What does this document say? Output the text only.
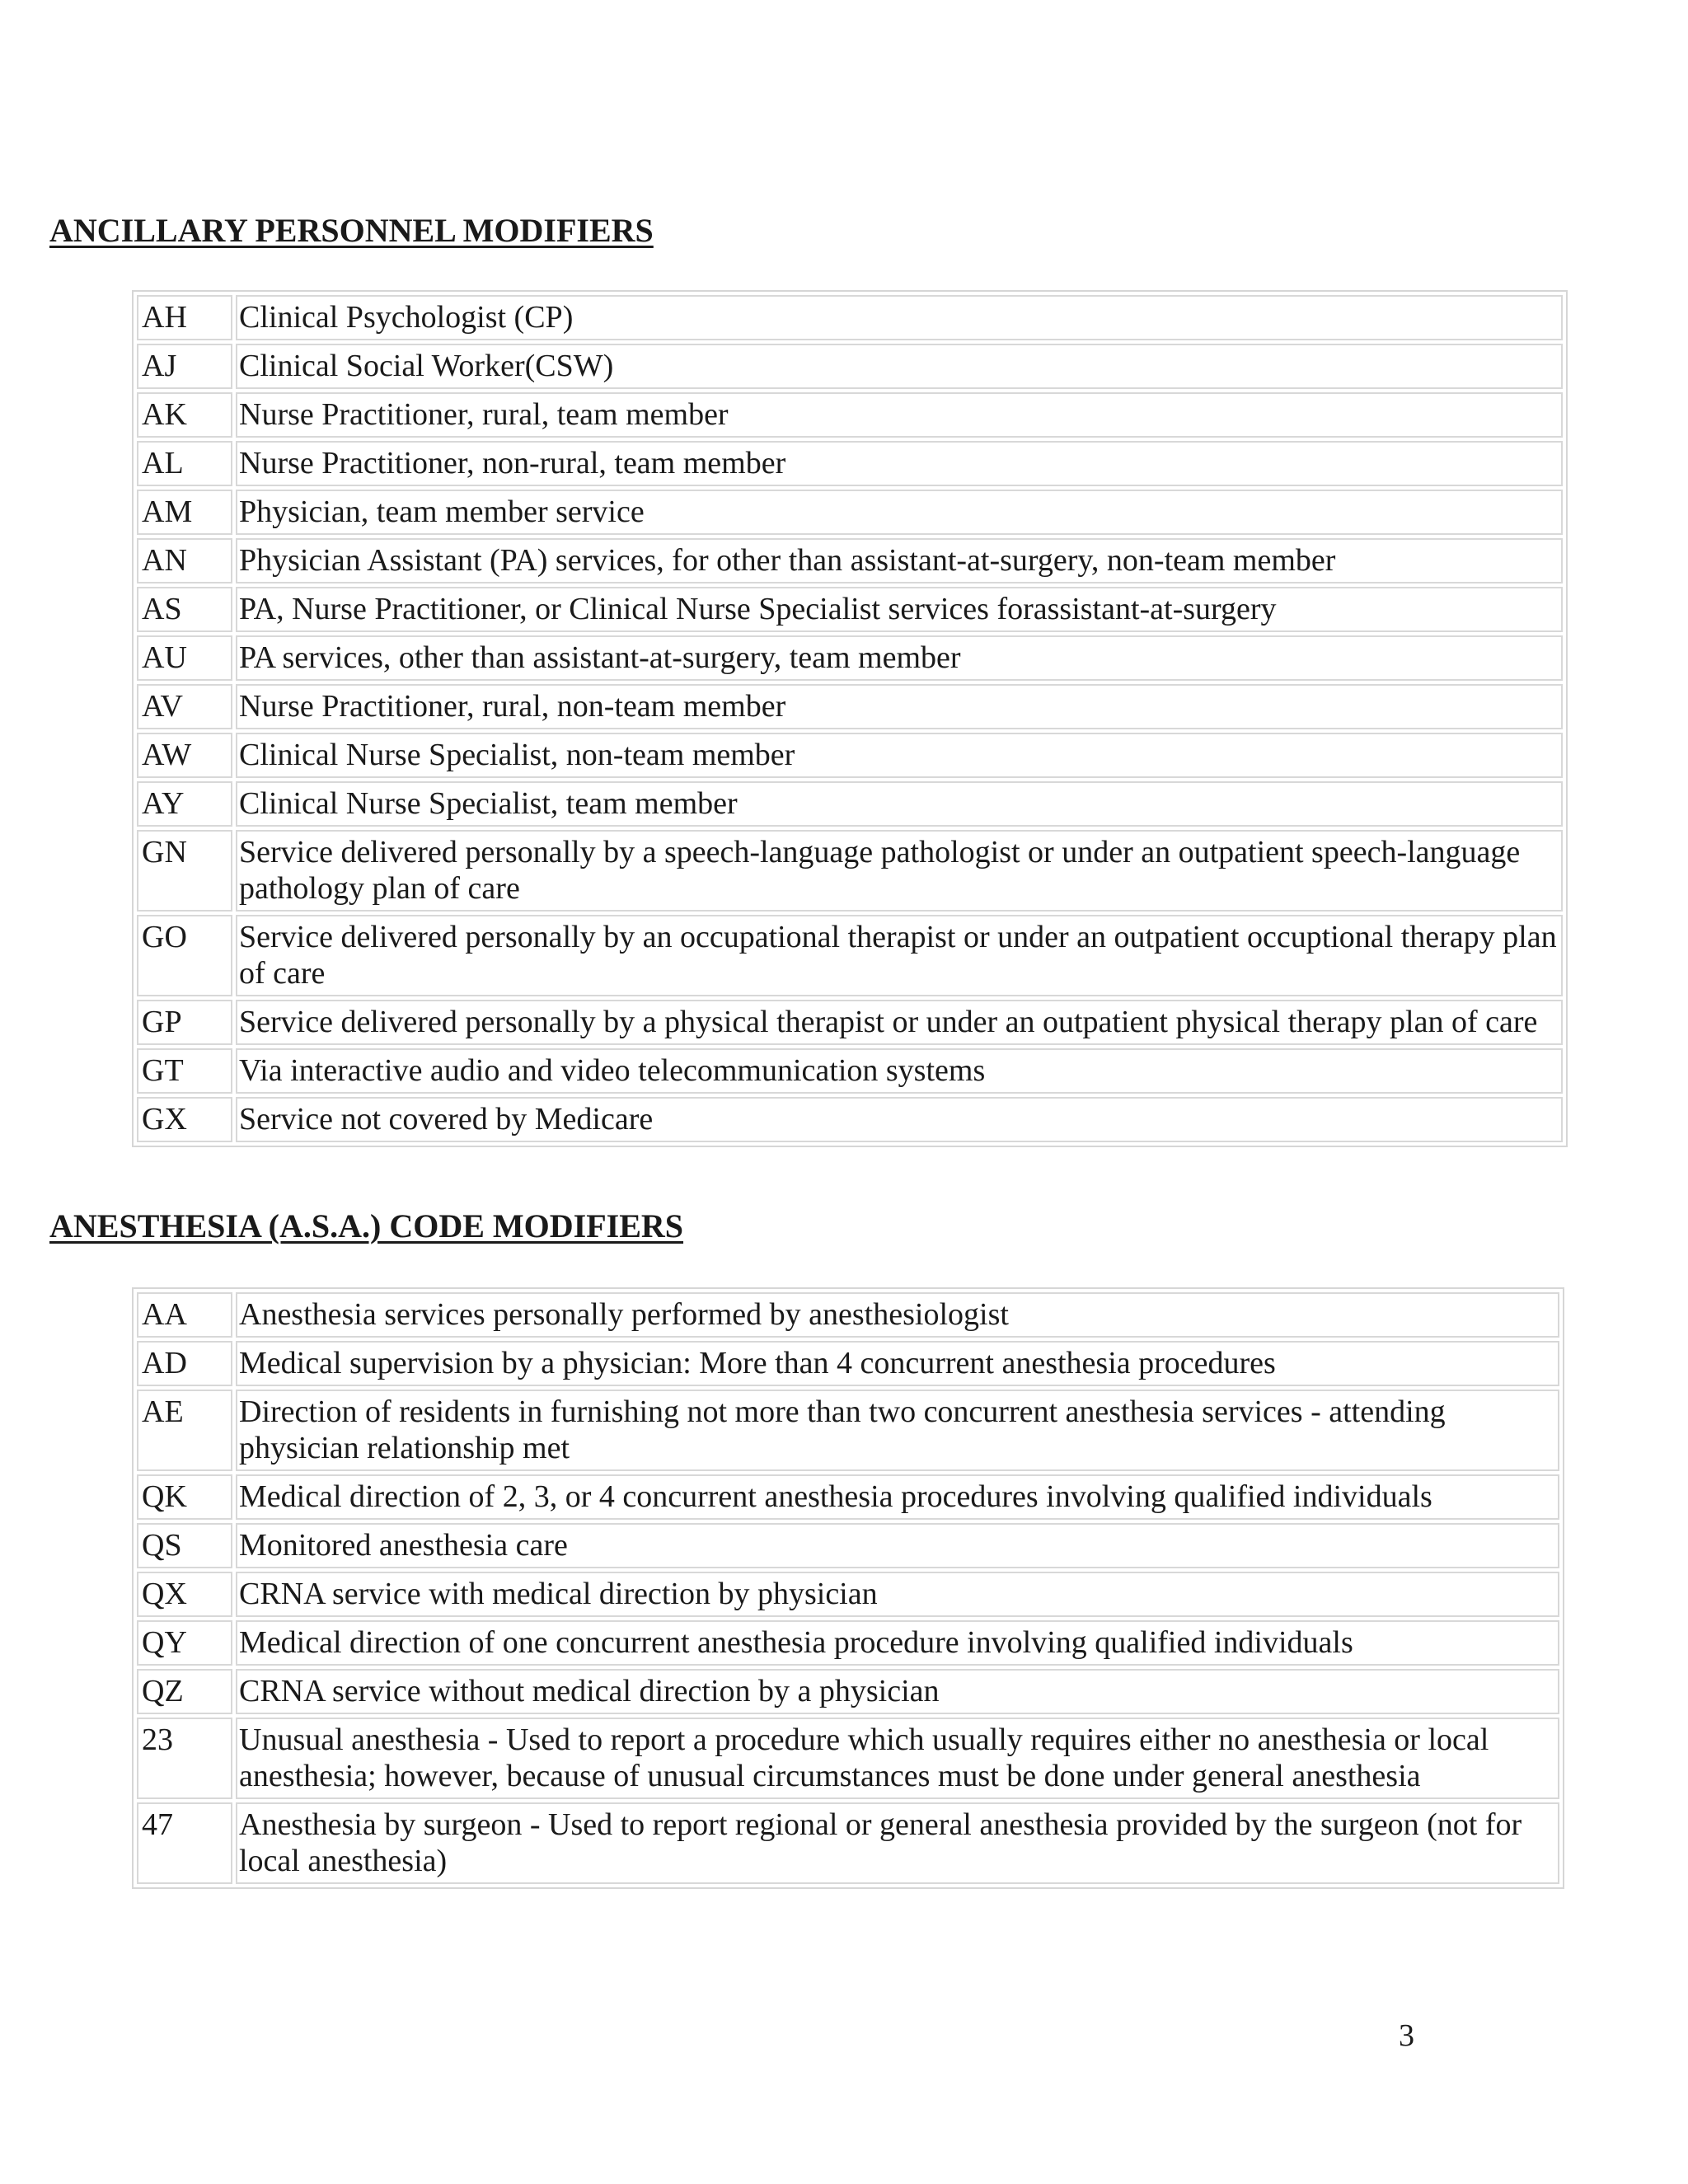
ANCILLARY PERSONNEL MODIFIERS
AH	Clinical Psychologist (CP)
AJ	Clinical Social Worker(CSW)
AK	Nurse Practitioner, rural, team member
AL	Nurse Practitioner, non-rural, team member
AM	Physician, team member service
AN	Physician Assistant (PA) services, for other than assistant-at-surgery, non-team member
AS	PA, Nurse Practitioner, or Clinical Nurse Specialist services forassistant-at-surgery
AU	PA services, other than assistant-at-surgery, team member
AV	Nurse Practitioner, rural, non-team member
AW	Clinical Nurse Specialist, non-team member
AY	Clinical Nurse Specialist, team member
GN	Service delivered personally by a speech-language pathologist or under an outpatient speech-language pathology plan of care
GO	Service delivered personally by an occupational therapist or under an outpatient occuptional therapy plan of care
GP	Service delivered personally by a physical therapist or under an outpatient physical therapy plan of care
GT	Via interactive audio and video telecommunication systems
GX	Service not covered by Medicare
ANESTHESIA (A.S.A.) CODE MODIFIERS
AA	Anesthesia services personally performed by anesthesiologist
AD	Medical supervision by a physician: More than 4 concurrent anesthesia procedures
AE	Direction of residents in furnishing not more than two concurrent anesthesia services - attending physician relationship met
QK	Medical direction of 2, 3, or 4 concurrent anesthesia procedures involving qualified individuals
QS	Monitored anesthesia care
QX	CRNA service with medical direction by physician
QY	Medical direction of one concurrent anesthesia procedure involving qualified individuals
QZ	CRNA service without medical direction by a physician
23	Unusual anesthesia - Used to report a procedure which usually requires either no anesthesia or local anesthesia; however, because of unusual circumstances must be done under general anesthesia
47	Anesthesia by surgeon - Used to report regional or general anesthesia provided by the surgeon (not for local anesthesia)
3
